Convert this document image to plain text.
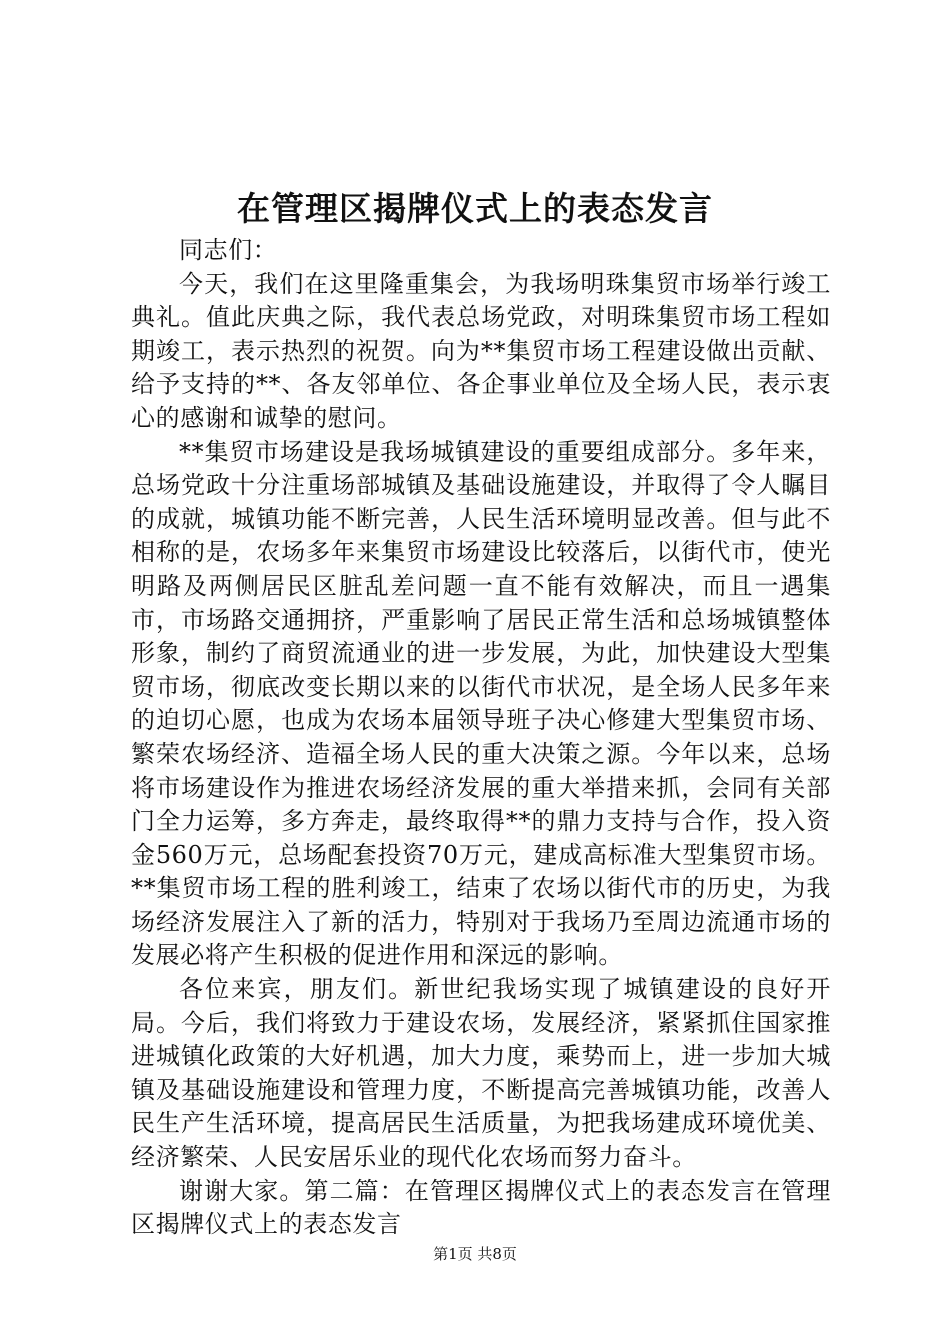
在管理区揭牌仪式上的表态发言

同志们：

今天，我们在这里隆重集会，为我场明珠集贸市场举行竣工典礼。值此庆典之际，我代表总场党政，对明珠集贸市场工程如期竣工，表示热烈的祝贺。向为**集贸市场工程建设做出贡献、给予支持的**、各友邻单位、各企事业单位及全场人民，表示衷心的感谢和诚挚的慰问。

**集贸市场建设是我场城镇建设的重要组成部分。多年来，总场党政十分注重场部城镇及基础设施建设，并取得了令人瞩目的成就，城镇功能不断完善，人民生活环境明显改善。但与此不相称的是，农场多年来集贸市场建设比较落后，以街代市，使光明路及两侧居民区脏乱差问题一直不能有效解决，而且一遇集市，市场路交通拥挤，严重影响了居民正常生活和总场城镇整体形象，制约了商贸流通业的进一步发展，为此，加快建设大型集贸市场，彻底改变长期以来的以街代市状况，是全场人民多年来的迫切心愿，也成为农场本届领导班子决心修建大型集贸市场、繁荣农场经济、造福全场人民的重大决策之源。今年以来，总场将市场建设作为推进农场经济发展的重大举措来抓，会同有关部门全力运筹，多方奔走，最终取得**的鼎力支持与合作，投入资金560万元，总场配套投资70万元，建成高标准大型集贸市场。**集贸市场工程的胜利竣工，结束了农场以街代市的历史，为我场经济发展注入了新的活力，特别对于我场乃至周边流通市场的发展必将产生积极的促进作用和深远的影响。

各位来宾，朋友们。新世纪我场实现了城镇建设的良好开局。今后，我们将致力于建设农场，发展经济，紧紧抓住国家推进城镇化政策的大好机遇，加大力度，乘势而上，进一步加大城镇及基础设施建设和管理力度，不断提高完善城镇功能，改善人民生产生活环境，提高居民生活质量，为把我场建成环境优美、经济繁荣、人民安居乐业的现代化农场而努力奋斗。

谢谢大家。第二篇：在管理区揭牌仪式上的表态发言在管理区揭牌仪式上的表态发言

第1页 共8页
